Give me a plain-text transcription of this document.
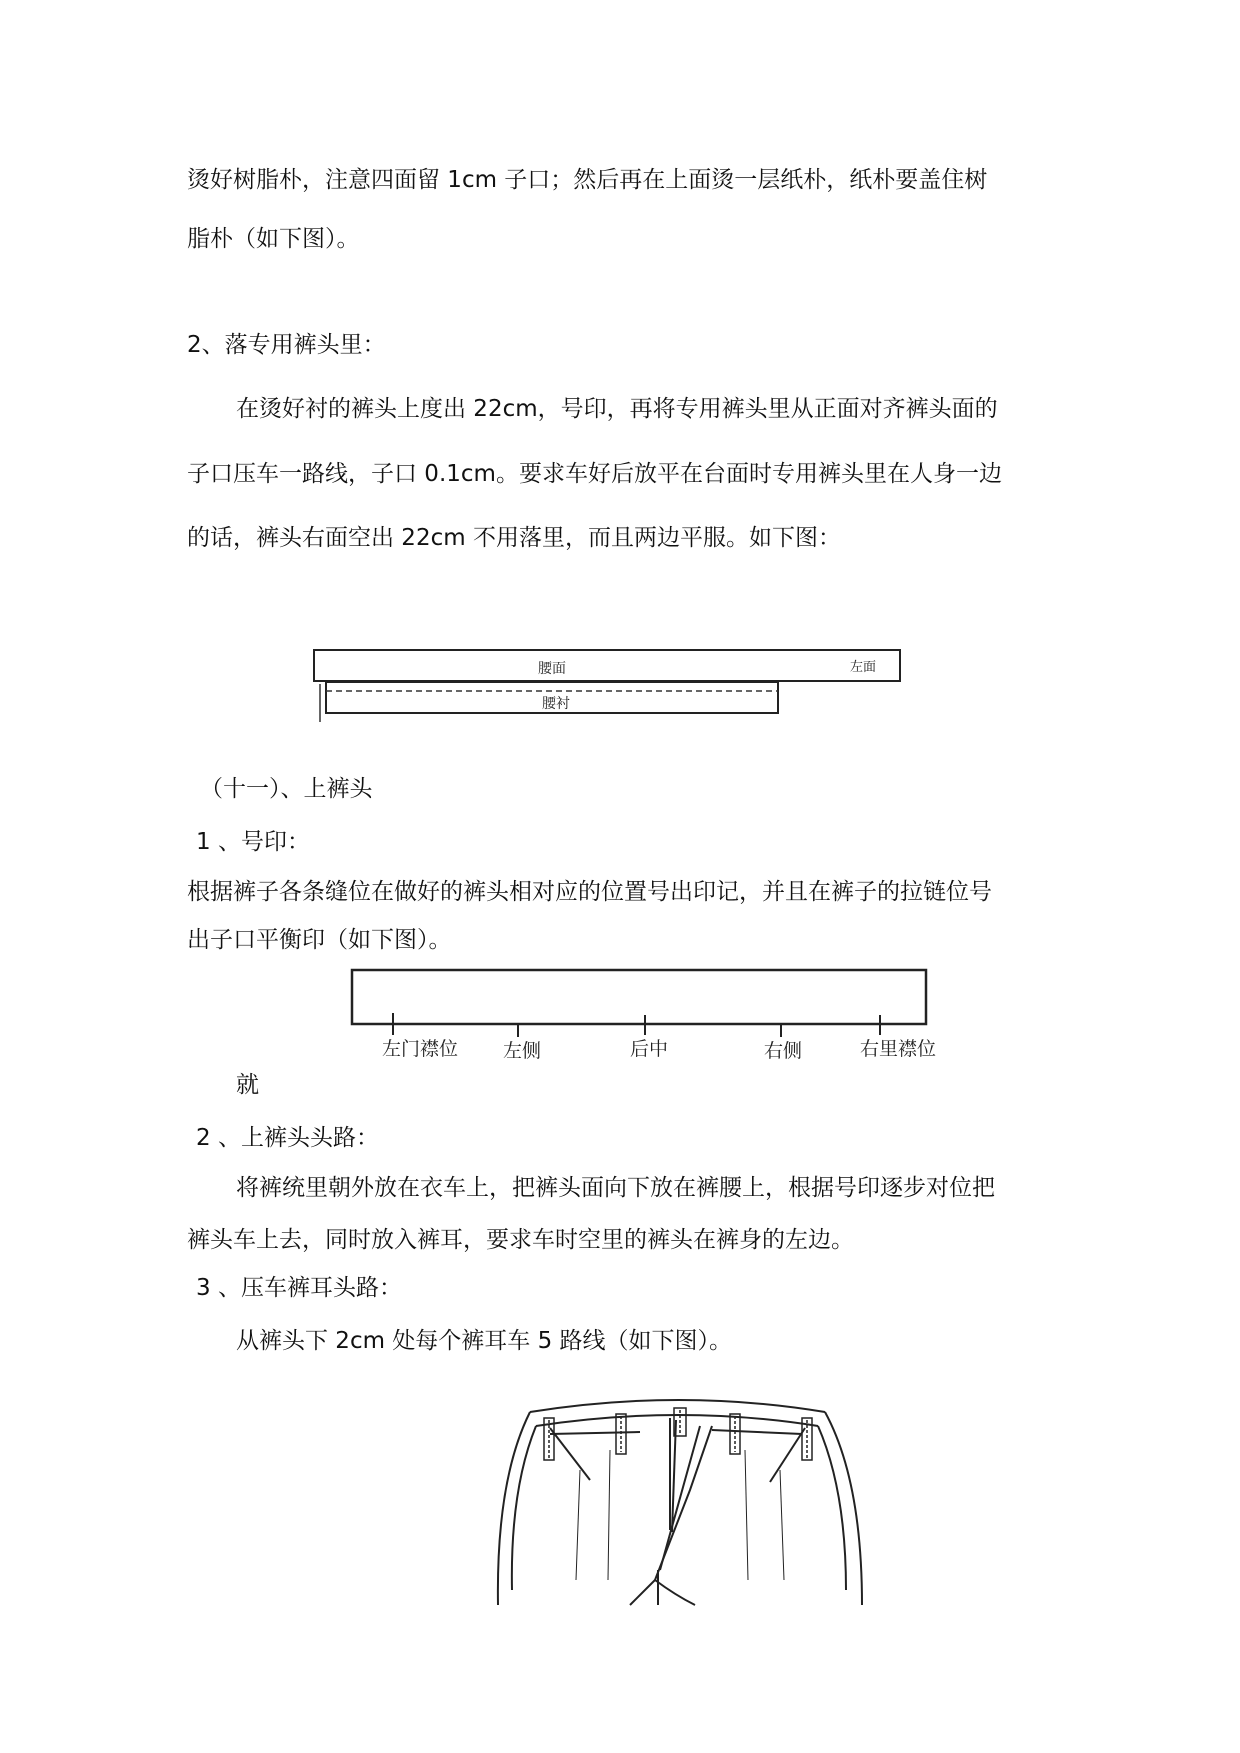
烫好树脂朴，注意四面留 1cm 子口；然后再在上面烫一层纸朴，纸朴要盖住树
脂朴（如下图）。
2、落专用裤头里：
在烫好衬的裤头上度出 22cm，号印，再将专用裤头里从正面对齐裤头面的
子口压车一路线，子口 0.1cm。要求车好后放平在台面时专用裤头里在人身一边
的话，裤头右面空出 22cm 不用落里，而且两边平服。如下图：
腰面	左面
腰衬
（十一）、上裤头
1 、号印：
根据裤子各条缝位在做好的裤头相对应的位置号出印记，并且在裤子的拉链位号
出子口平衡印（如下图）。
左门襟位 左侧	后中	右侧	右里襟位
就
2 、上裤头头路：
将裤统里朝外放在衣车上，把裤头面向下放在裤腰上，根据号印逐步对位把
裤头车上去，同时放入裤耳，要求车时空里的裤头在裤身的左边。
3 、压车裤耳头路：
从裤头下 2cm 处每个裤耳车 5 路线（如下图）。
